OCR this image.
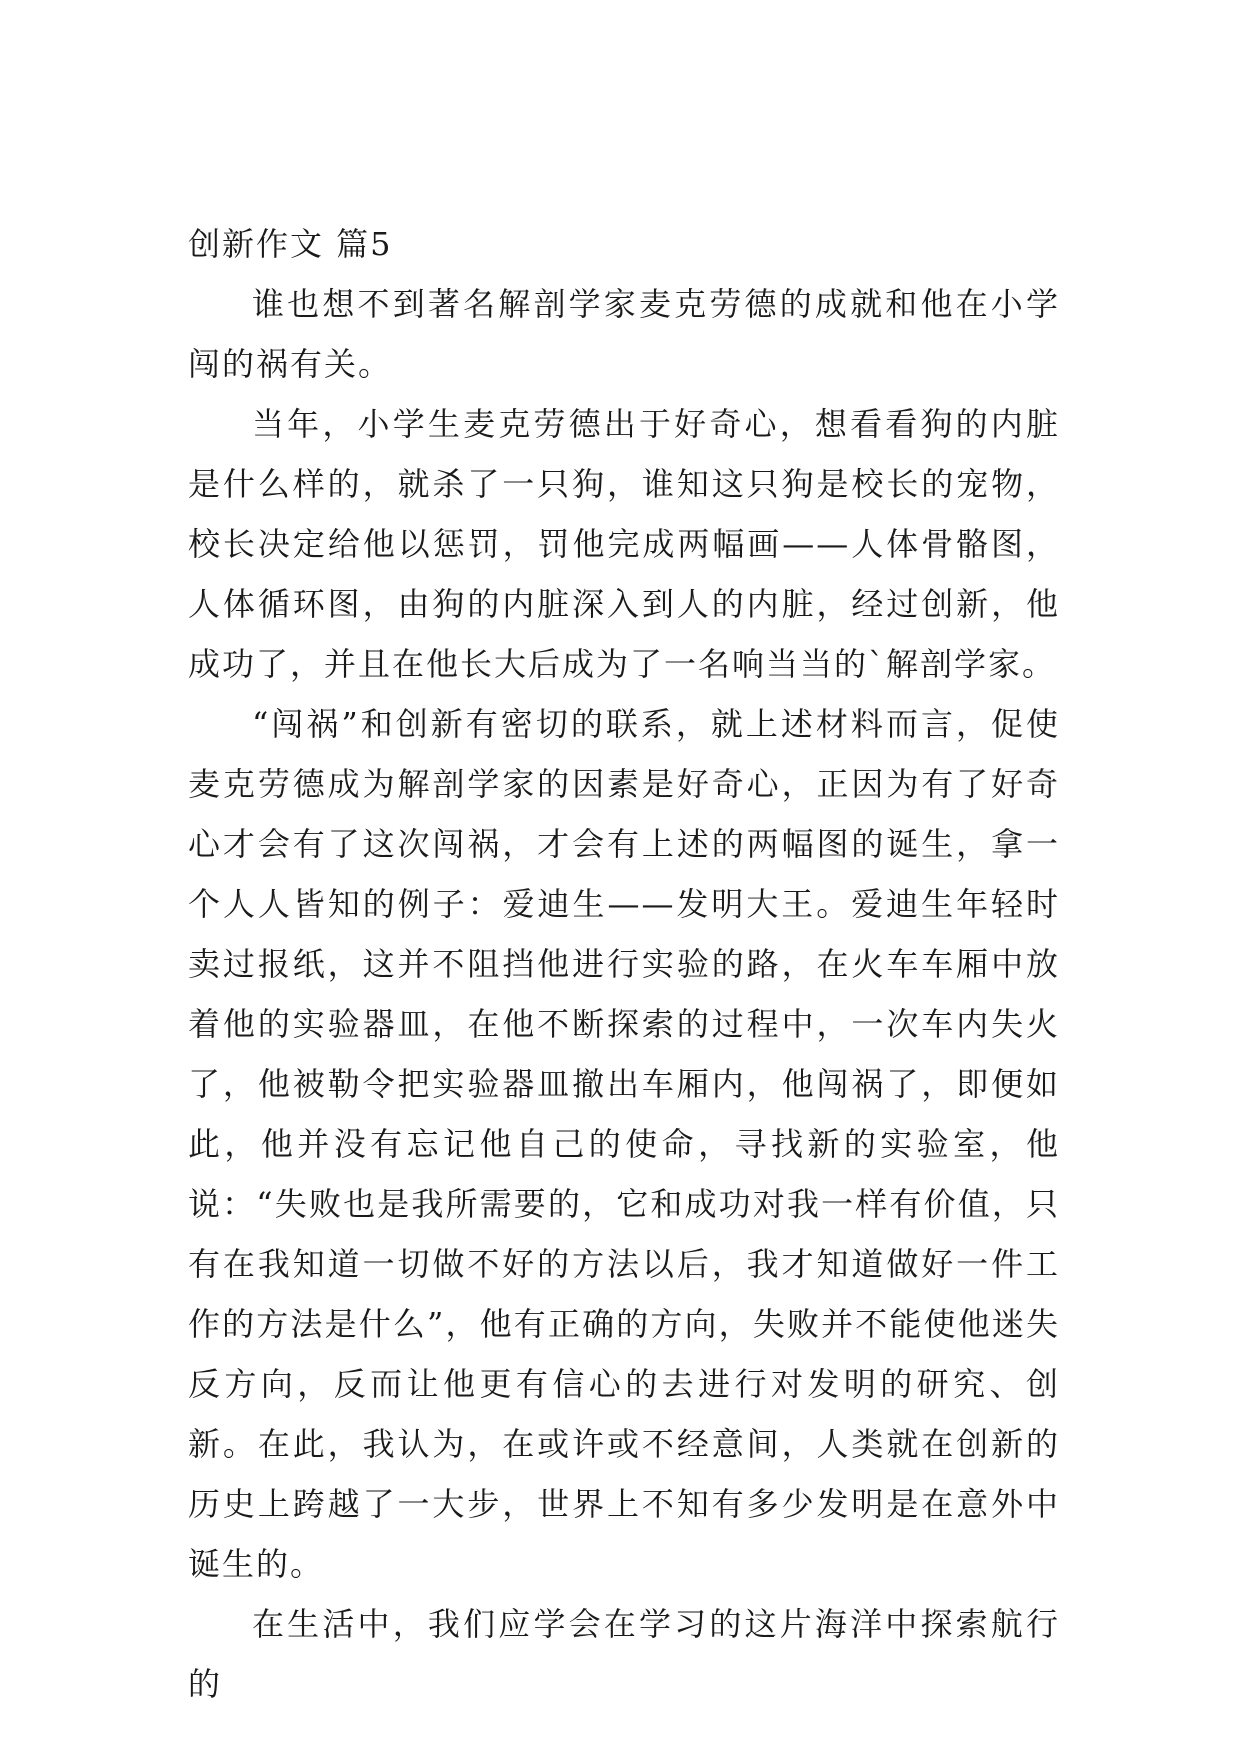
创新作文 篇5

谁也想不到著名解剖学家麦克劳德的成就和他在小学闯的祸有关。

当年，小学生麦克劳德出于好奇心，想看看狗的内脏是什么样的，就杀了一只狗，谁知这只狗是校长的宠物，校长决定给他以惩罚，罚他完成两幅画——人体骨骼图，人体循环图，由狗的内脏深入到人的内脏，经过创新，他成功了，并且在他长大后成为了一名响当当的`解剖学家。

“闯祸”和创新有密切的联系，就上述材料而言，促使麦克劳德成为解剖学家的因素是好奇心，正因为有了好奇心才会有了这次闯祸，才会有上述的两幅图的诞生，拿一个人人皆知的例子：爱迪生——发明大王。爱迪生年轻时卖过报纸，这并不阻挡他进行实验的路，在火车车厢中放着他的实验器皿，在他不断探索的过程中，一次车内失火了，他被勒令把实验器皿撤出车厢内，他闯祸了，即便如此，他并没有忘记他自己的使命，寻找新的实验室，他说：“失败也是我所需要的，它和成功对我一样有价值，只有在我知道一切做不好的方法以后，我才知道做好一件工作的方法是什么”，他有正确的方向，失败并不能使他迷失反方向，反而让他更有信心的去进行对发明的研究、创新。在此，我认为，在或许或不经意间，人类就在创新的历史上跨越了一大步，世界上不知有多少发明是在意外中诞生的。

在生活中，我们应学会在学习的这片海洋中探索航行的
